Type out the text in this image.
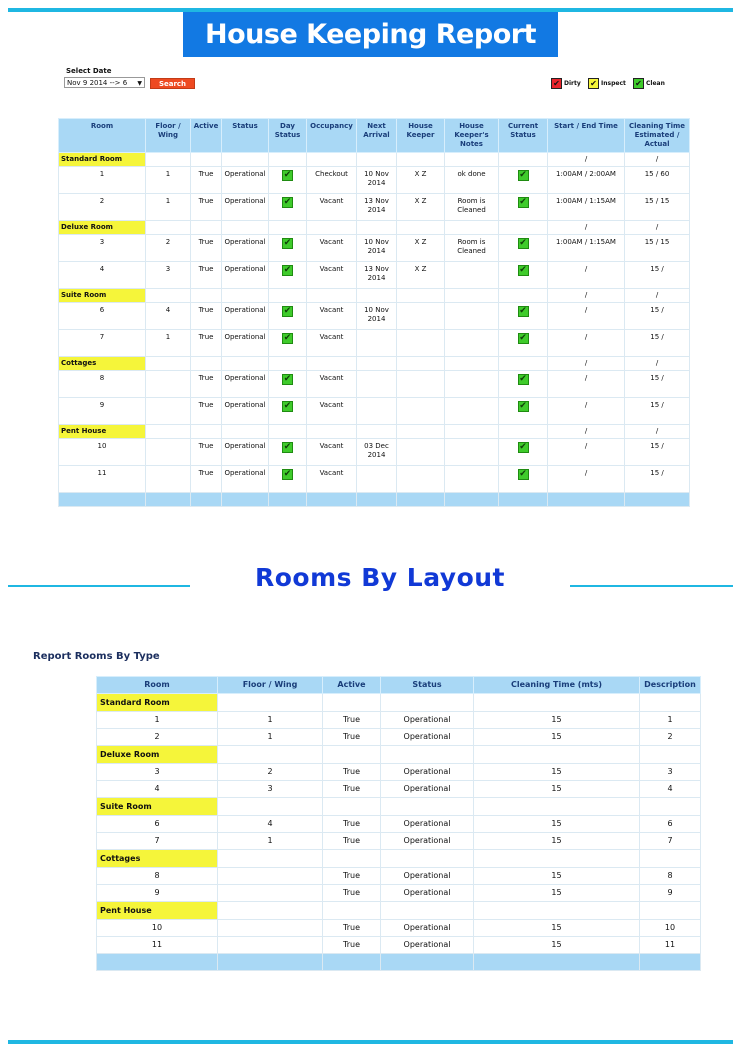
House Keeping Report
Select Date
Nov 9 2014 --> 6 ▼	Search	✔ Dirty ✔ Inspect ✔ Clean
Room	Floor / Wing	Active	Status	Day Status	Occupancy	Next Arrival	House Keeper	House Keeper's Notes	Current Status	Start / End Time	Cleaning Time Estimated / Actual
Standard Room										/	/
1	1	True	Operational	✔	Checkout	10 Nov 2014	X Z	ok done	✔	1:00AM / 2:00AM	15 / 60
2	1	True	Operational	✔	Vacant	13 Nov 2014	X Z	Room is Cleaned	✔	1:00AM / 1:15AM	15 / 15
Deluxe Room										/	/
3	2	True	Operational	✔	Vacant	10 Nov 2014	X Z	Room is Cleaned	✔	1:00AM / 1:15AM	15 / 15
4	3	True	Operational	✔	Vacant	13 Nov 2014	X Z		✔	/	15 /
Suite Room										/	/
6	4	True	Operational	✔	Vacant	10 Nov 2014			✔	/	15 /
7	1	True	Operational	✔	Vacant				✔	/	15 /
Cottages										/	/
8		True	Operational	✔	Vacant				✔	/	15 /
9		True	Operational	✔	Vacant				✔	/	15 /
Pent House										/	/
10		True	Operational	✔	Vacant	03 Dec 2014			✔	/	15 /
11		True	Operational	✔	Vacant				✔	/	15 /

Rooms By Layout
Report Rooms By Type
Room	Floor / Wing	Active	Status	Cleaning Time (mts)	Description
Standard Room					
1	1	True	Operational	15	1
2	1	True	Operational	15	2
Deluxe Room					
3	2	True	Operational	15	3
4	3	True	Operational	15	4
Suite Room					
6	4	True	Operational	15	6
7	1	True	Operational	15	7
Cottages					
8		True	Operational	15	8
9		True	Operational	15	9
Pent House					
10		True	Operational	15	10
11		True	Operational	15	11
